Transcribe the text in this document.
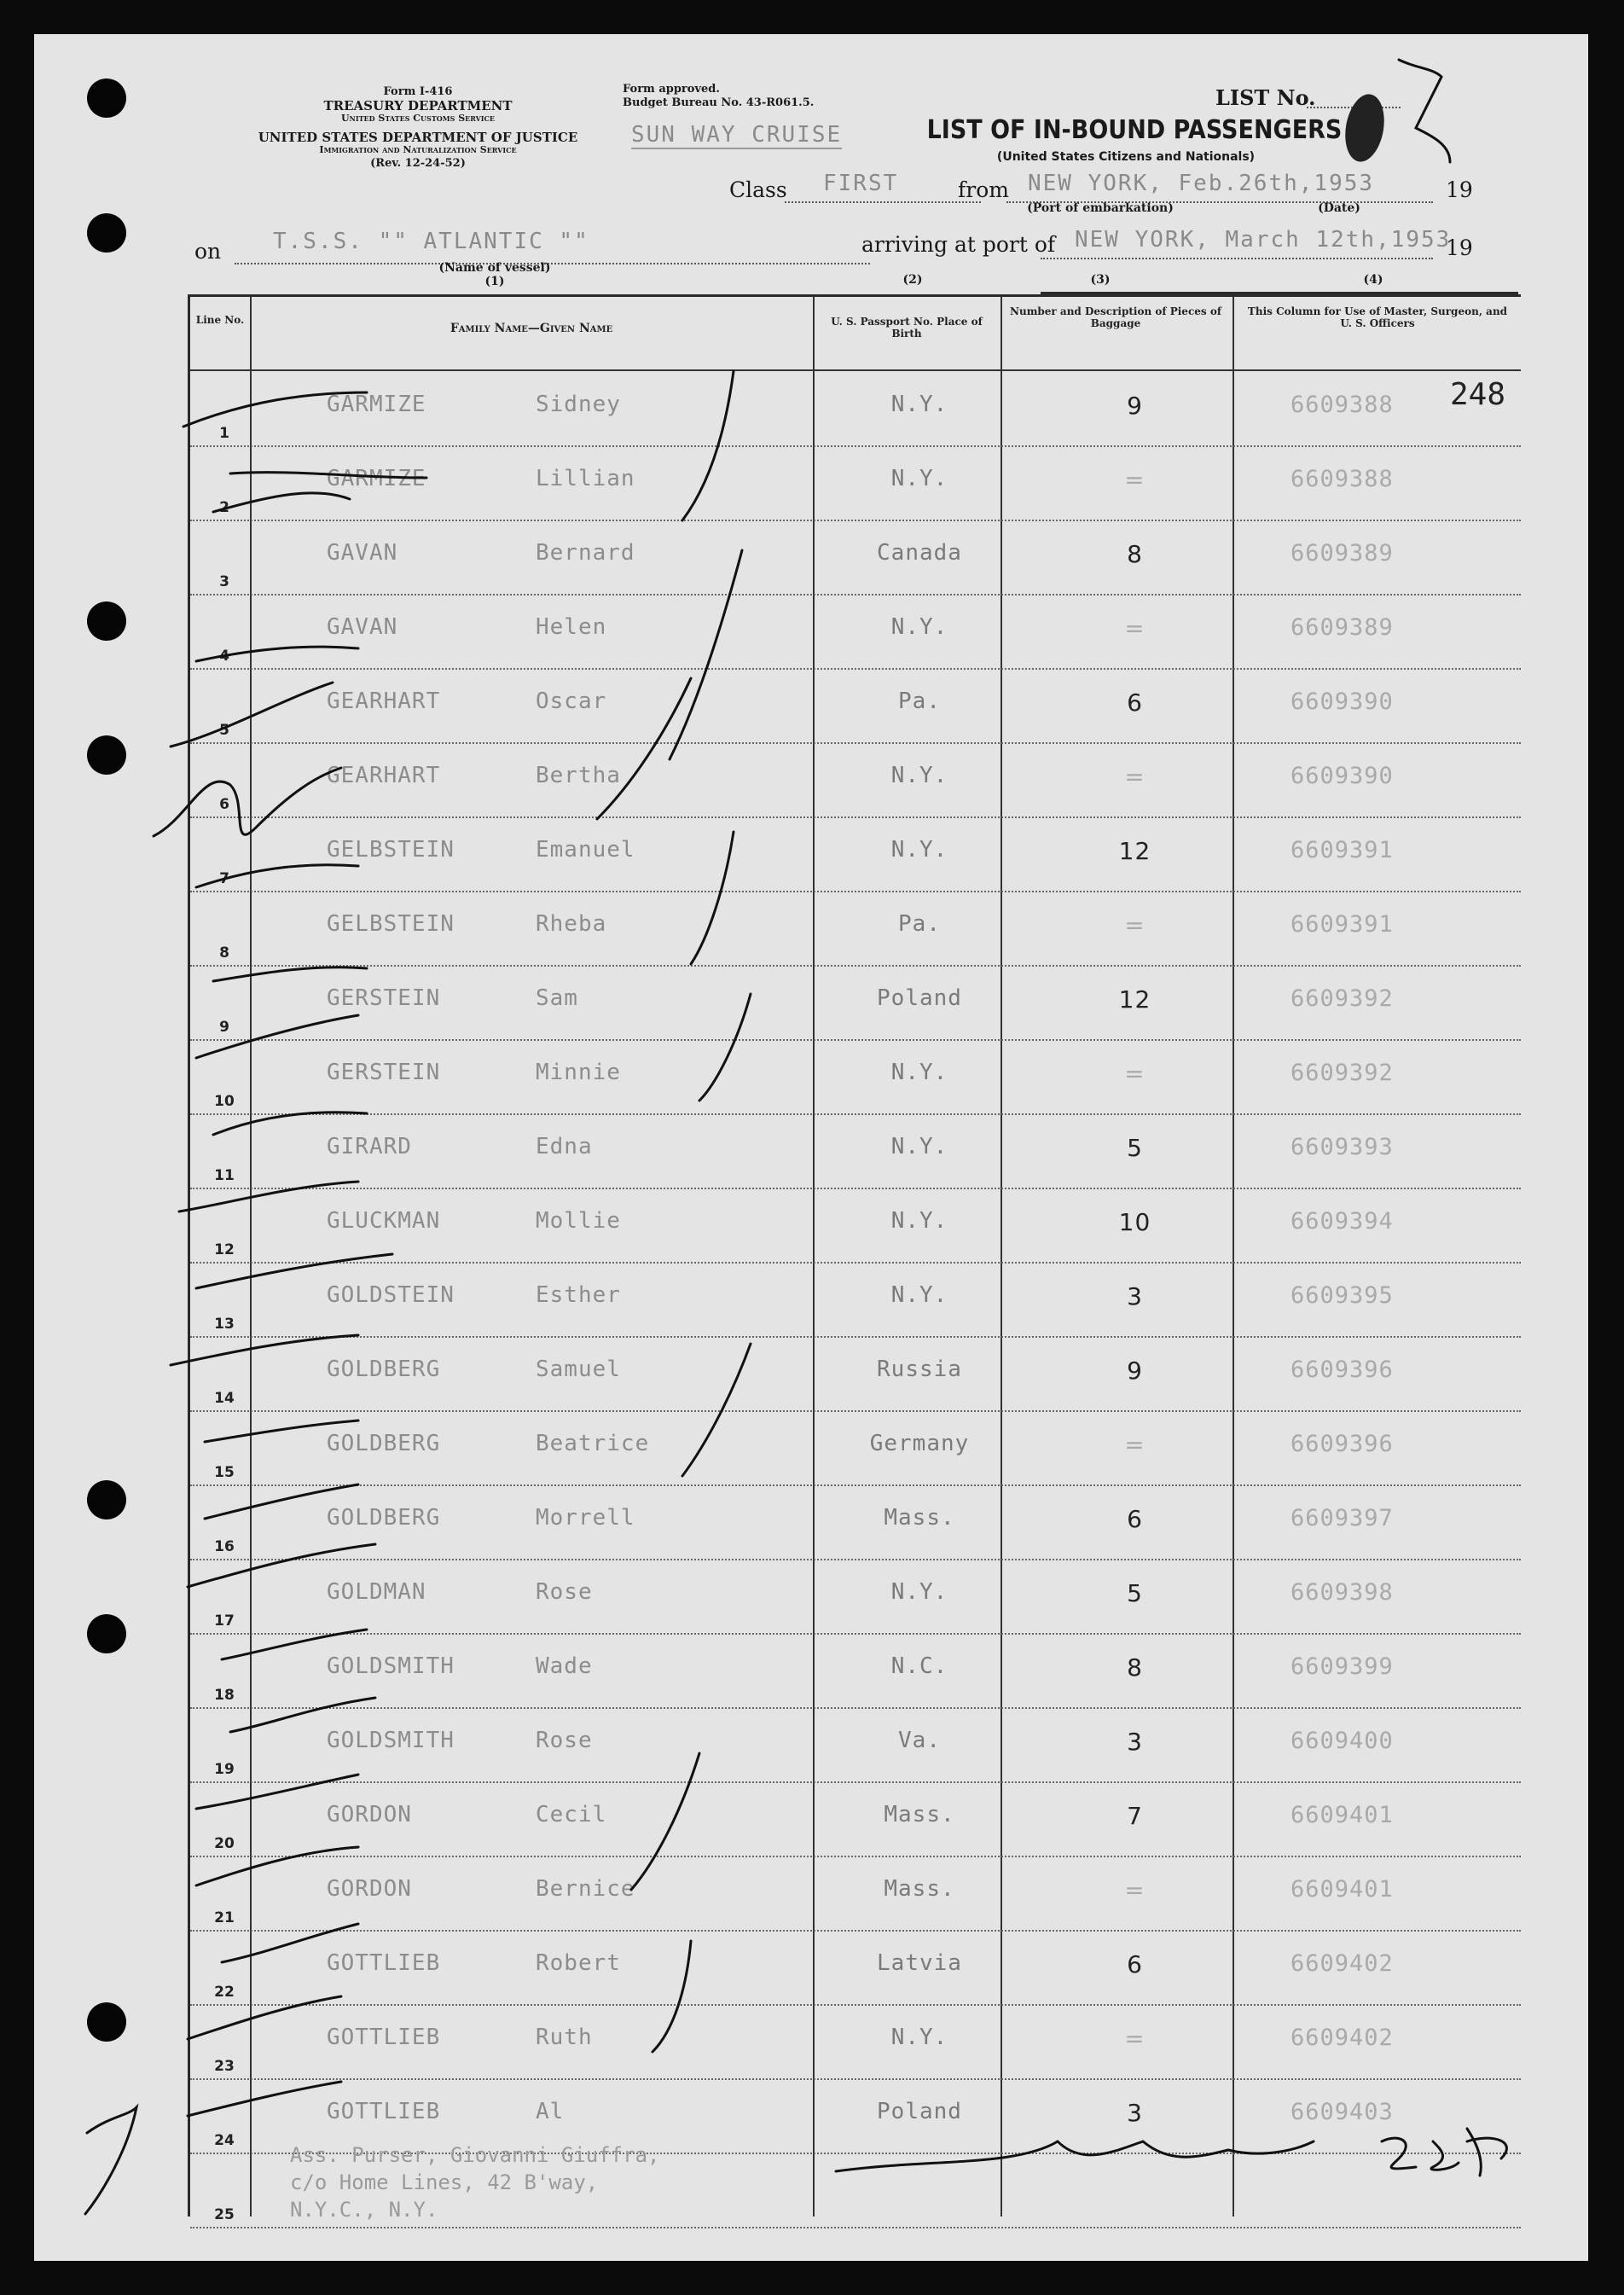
Form I-416
TREASURY DEPARTMENT
United States Customs Service
UNITED STATES DEPARTMENT OF JUSTICE
Immigration and Naturalization Service
(Rev. 12-24-52)
Form approved.
Budget Bureau No. 43-R061.5.
SUN WAY CRUISE
LIST No.
LIST OF IN-BOUND PASSENGERS
(United States Citizens and Nationals)
Class FIRST	from NEW YORK, Feb.26th,1953	19
(Port of embarkation)	(Date)
on T.S.S. "" ATLANTIC ""
(Name of vessel)
(1)
arriving at port of NEW YORK, March 12th,1953
19
(2)	(3)	(4)
Line No.
Family Name—Given Name	U. S. Passport No. Place of Birth
Number and Description of Pieces of Baggage
This Column for Use of Master, Surgeon, and U. S. Officers
1
GARMIZE	Sidney	N.Y.	9	6609388
2
GARMIZE	Lillian	N.Y.	=	6609388
3
GAVAN	Bernard	Canada	8	6609389
4
GAVAN	Helen	N.Y.	=	6609389
5
GEARHART	Oscar	Pa.	6	6609390
6
GEARHART	Bertha	N.Y.	=	6609390
7
GELBSTEIN	Emanuel	N.Y.	12	6609391
8
GELBSTEIN	Rheba	Pa.	=	6609391
9
GERSTEIN	Sam	Poland	12	6609392
10
GERSTEIN	Minnie	N.Y.	=	6609392
11
GIRARD	Edna	N.Y.	5	6609393
12
GLUCKMAN	Mollie	N.Y.	10	6609394
13
GOLDSTEIN	Esther	N.Y.	3	6609395
14
GOLDBERG	Samuel	Russia	9	6609396
15
GOLDBERG	Beatrice	Germany	=	6609396
16
GOLDBERG	Morrell	Mass.	6	6609397
17
GOLDMAN	Rose	N.Y.	5	6609398
18
GOLDSMITH	Wade	N.C.	8	6609399
19
GOLDSMITH	Rose	Va.	3	6609400
20
GORDON	Cecil	Mass.	7	6609401
21
GORDON	Bernice	Mass.	=	6609401
22
GOTTLIEB	Robert	Latvia	6	6609402
23
GOTTLIEB	Ruth	N.Y.	=	6609402
24
GOTTLIEB	Al	Poland	3	6609403
25
248
Ass. Purser, Giovanni Giuffra,
c/o Home Lines, 42 B'way,
N.Y.C., N.Y.
